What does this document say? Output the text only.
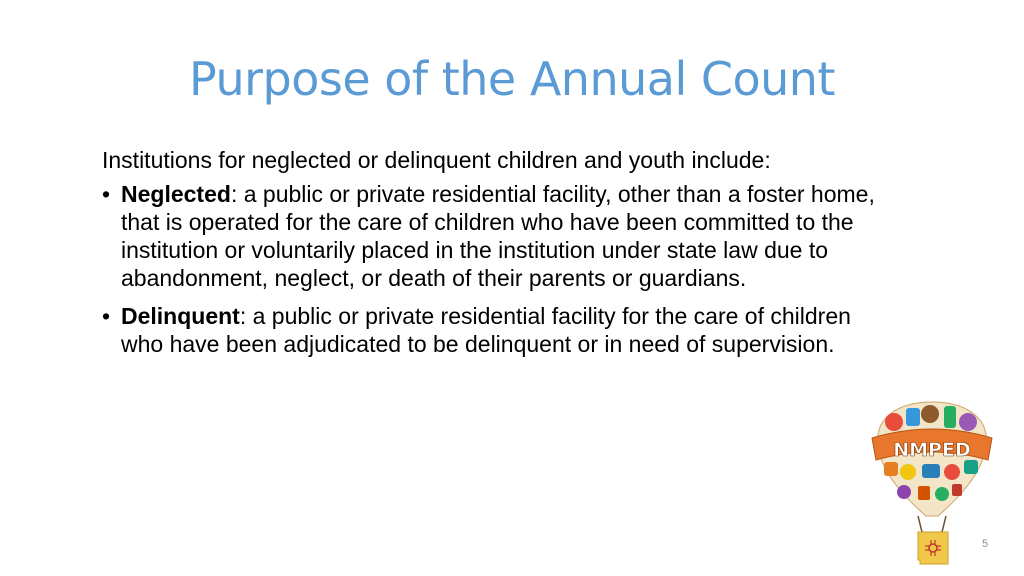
Purpose of the Annual Count

Institutions for neglected or delinquent children and youth include:

• Neglected: a public or private residential facility, other than a foster home, that is operated for the care of children who have been committed to the institution or voluntarily placed in the institution under state law due to abandonment, neglect, or death of their parents or guardians.
• Delinquent: a public or private residential facility for the care of children who have been adjudicated to be delinquent or in need of supervision.
NMPED
5
